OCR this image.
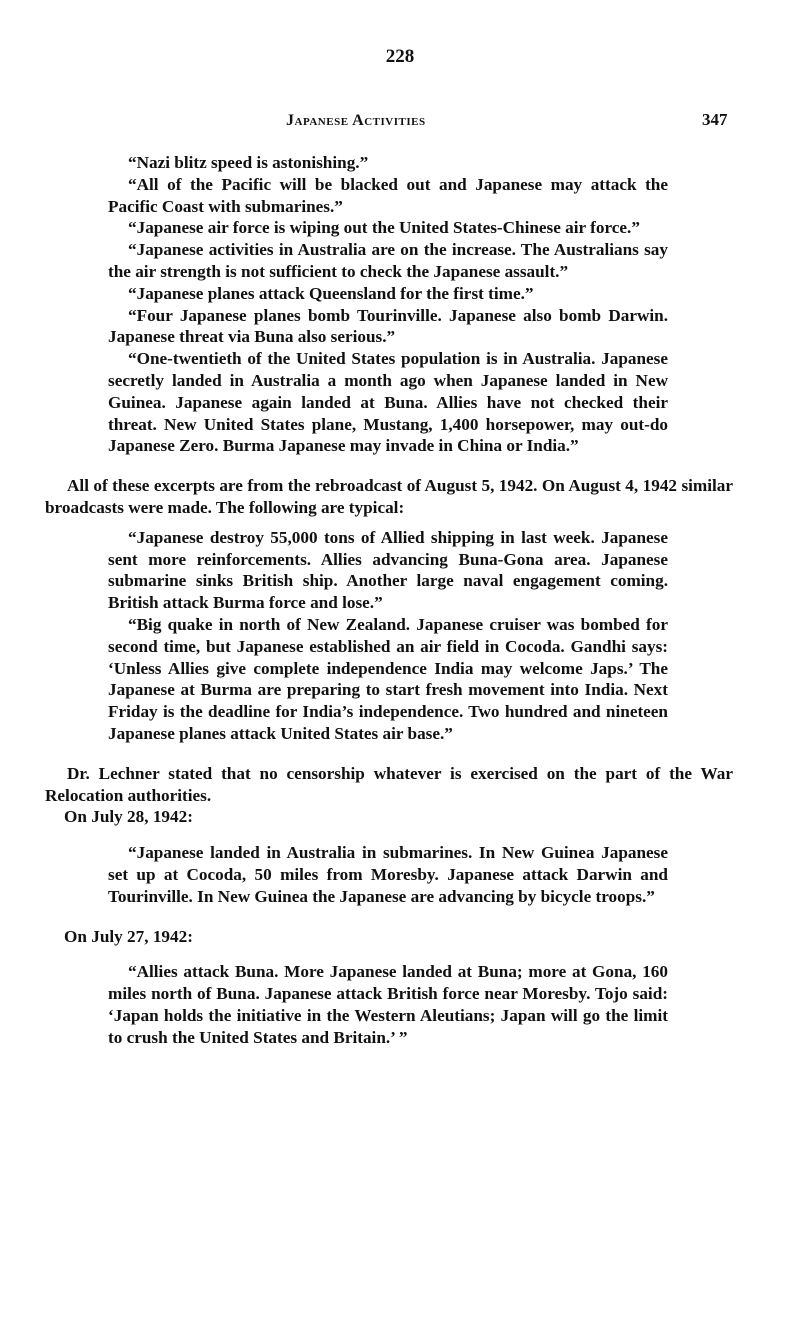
228
Japanese Activities	347

“Nazi blitz speed is astonishing.”

“All of the Pacific will be blacked out and Japanese may attack the Pacific Coast with submarines.”

“Japanese air force is wiping out the United States-Chinese air force.”

“Japanese activities in Australia are on the increase. The Australians say the air strength is not sufficient to check the Japanese assault.”

“Japanese planes attack Queensland for the first time.”

“Four Japanese planes bomb Tourinville. Japanese also bomb Darwin. Japanese threat via Buna also serious.”

“One-twentieth of the United States population is in Australia. Japanese secretly landed in Australia a month ago when Japanese landed in New Guinea. Japanese again landed at Buna. Allies have not checked their threat. New United States plane, Mustang, 1,400 horsepower, may out-do Japanese Zero. Burma Japanese may invade in China or India.”

All of these excerpts are from the rebroadcast of August 5, 1942. On August 4, 1942 similar broadcasts were made. The following are typical:

“Japanese destroy 55,000 tons of Allied shipping in last week. Japanese sent more reinforcements. Allies advancing Buna-Gona area. Japanese submarine sinks British ship. Another large naval engagement coming. British attack Burma force and lose.”

“Big quake in north of New Zealand. Japanese cruiser was bombed for second time, but Japanese established an air field in Cocoda. Gandhi says: ‘Unless Allies give complete independence India may welcome Japs.’ The Japanese at Burma are preparing to start fresh movement into India. Next Friday is the deadline for India’s independence. Two hundred and nineteen Japanese planes attack United States air base.”

Dr. Lechner stated that no censorship whatever is exercised on the part of the War Relocation authorities.
On July 28, 1942:

“Japanese landed in Australia in submarines. In New Guinea Japanese set up at Cocoda, 50 miles from Moresby. Japanese attack Darwin and Tourinville. In New Guinea the Japanese are advancing by bicycle troops.”

On July 27, 1942:

“Allies attack Buna. More Japanese landed at Buna; more at Gona, 160 miles north of Buna. Japanese attack British force near Moresby. Tojo said: ‘Japan holds the initiative in the Western Aleutians; Japan will go the limit to crush the United States and Britain.’ ”
